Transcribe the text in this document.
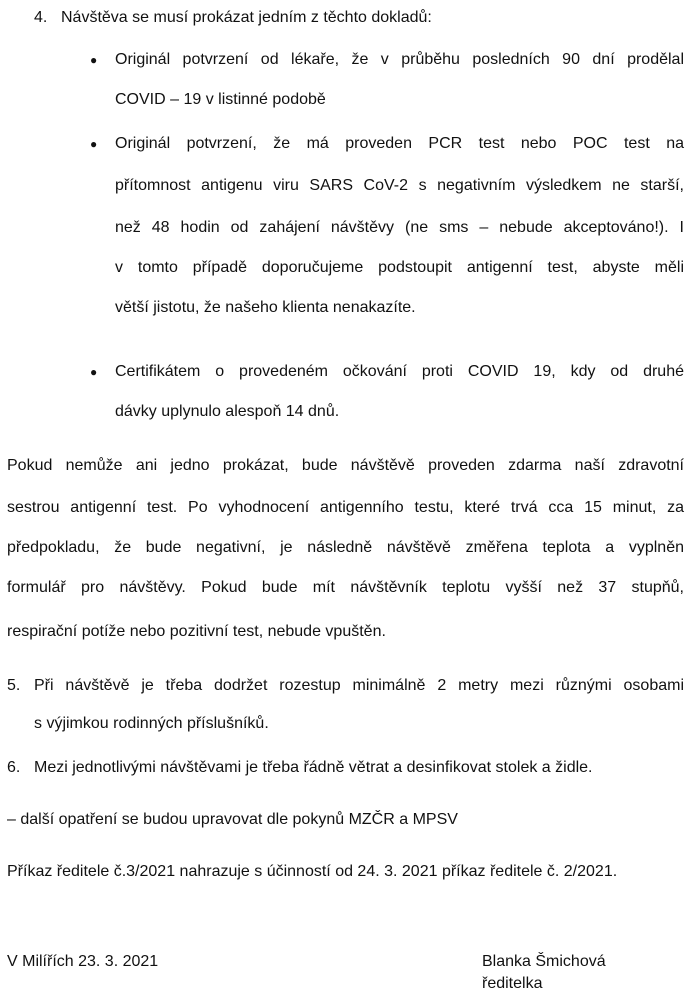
4. Návštěva se musí prokázat jedním z těchto dokladů:
● Originál potvrzení od lékaře, že v průběhu posledních 90 dní prodělal
COVID – 19 v listinné podobě
● Originál potvrzení, že má proveden PCR test nebo POC test na
přítomnost antigenu viru SARS CoV-2 s negativním výsledkem ne starší,
než 48 hodin od zahájení návštěvy (ne sms – nebude akceptováno!). I
v tomto případě doporučujeme podstoupit antigenní test, abyste měli
větší jistotu, že našeho klienta nenakazíte.
● Certifikátem o provedeném očkování proti COVID 19, kdy od druhé
dávky uplynulo alespoň 14 dnů.
Pokud nemůže ani jedno prokázat, bude návštěvě proveden zdarma naší zdravotní
sestrou antigenní test. Po vyhodnocení antigenního testu, které trvá cca 15 minut, za
předpokladu, že bude negativní, je následně návštěvě změřena teplota a vyplněn
formulář pro návštěvy. Pokud bude mít návštěvník teplotu vyšší než 37 stupňů,
respirační potíže nebo pozitivní test, nebude vpuštěn.
5. Při návštěvě je třeba dodržet rozestup minimálně 2 metry mezi různými osobami
s výjimkou rodinných příslušníků.
6. Mezi jednotlivými návštěvami je třeba řádně větrat a desinfikovat stolek a židle.
– další opatření se budou upravovat dle pokynů MZČR a MPSV
Příkaz ředitele č.3/2021 nahrazuje s účinností od 24. 3. 2021 příkaz ředitele č. 2/2021.
V Milířích 23. 3. 2021	Blanka Šmichová
ředitelka
